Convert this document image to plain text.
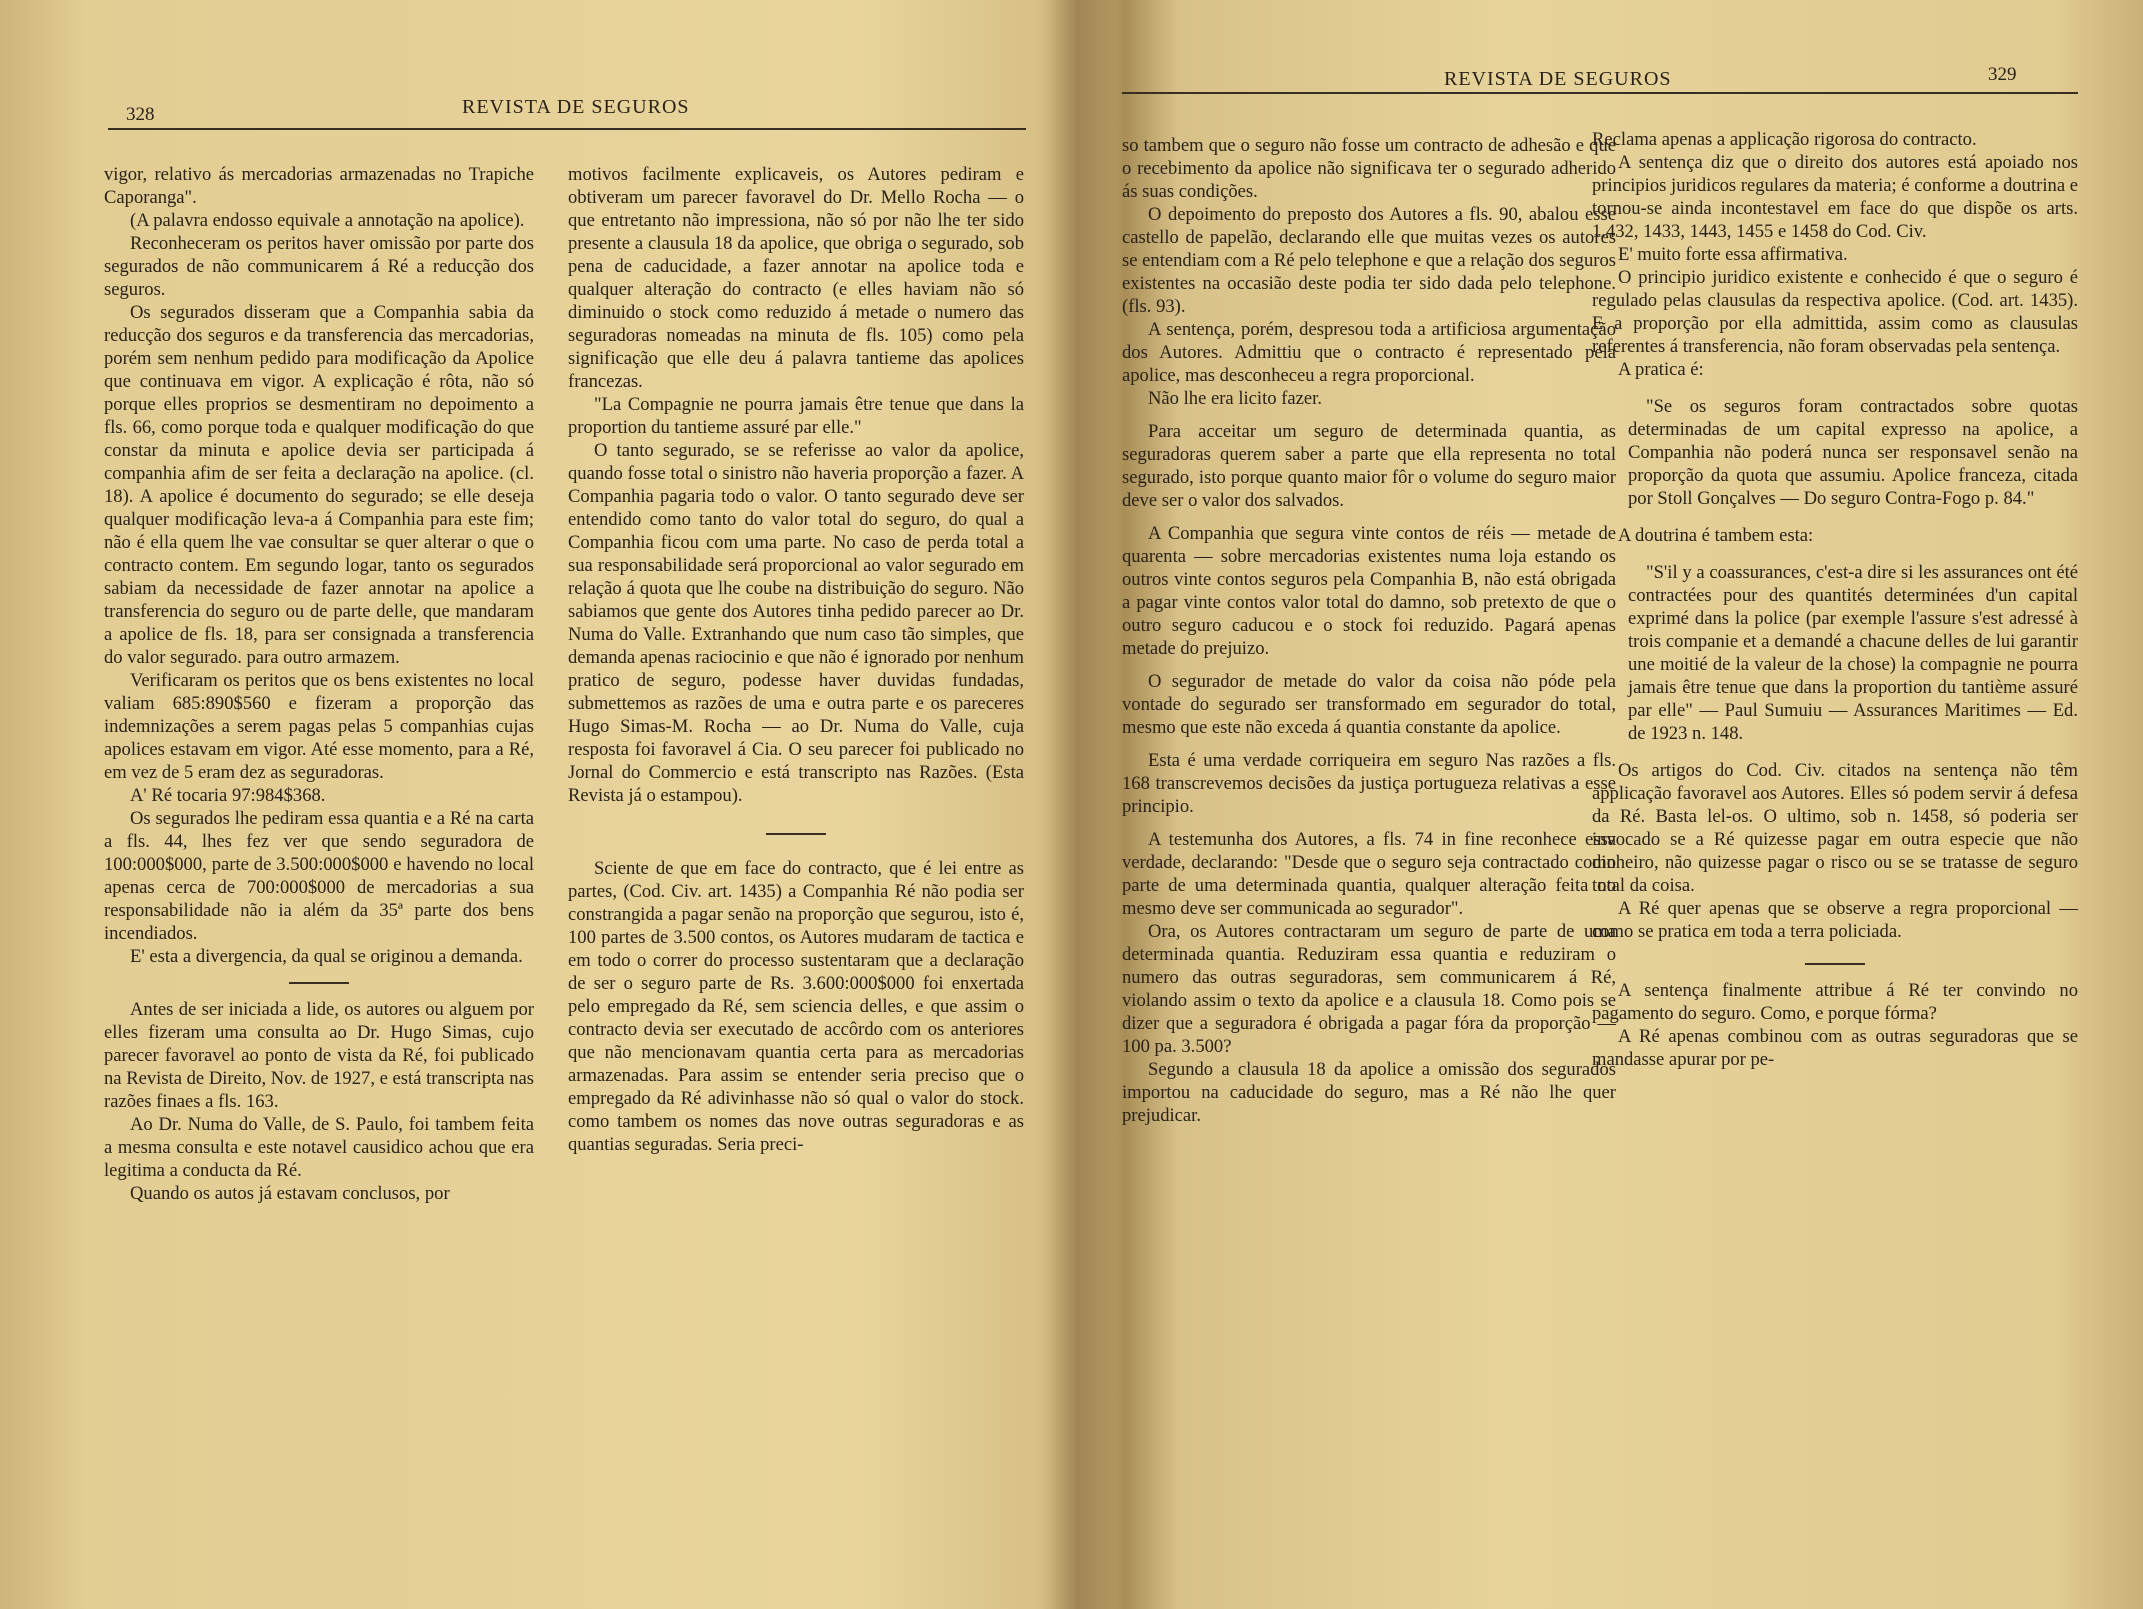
328	REVISTA DE SEGUROS

vigor, relativo ás mercadorias armazenadas no Trapiche Caporanga".

(A palavra endosso equivale a annotação na apolice).

Reconheceram os peritos haver omissão por parte dos segurados de não communicarem á Ré a reducção dos seguros.

Os segurados disseram que a Companhia sabia da reducção dos seguros e da transferencia das mercadorias, porém sem nenhum pedido para modificação da Apolice que continuava em vigor. A explicação é rôta, não só porque elles proprios se desmentiram no depoimento a fls. 66, como porque toda e qualquer modificação do que constar da minuta e apolice devia ser participada á companhia afim de ser feita a declaração na apolice. (cl. 18). A apolice é documento do segurado; se elle deseja qualquer modificação leva-a á Companhia para este fim; não é ella quem lhe vae consultar se quer alterar o que o contracto contem. Em segundo logar, tanto os segurados sabiam da necessidade de fazer annotar na apolice a transferencia do seguro ou de parte delle, que mandaram a apolice de fls. 18, para ser consignada a transferencia do valor segurado. para outro armazem.

Verificaram os peritos que os bens existentes no local valiam 685:890$560 e fizeram a proporção das indemnizações a serem pagas pelas 5 companhias cujas apolices estavam em vigor. Até esse momento, para a Ré, em vez de 5 eram dez as seguradoras.

A' Ré tocaria 97:984$368.

Os segurados lhe pediram essa quantia e a Ré na carta a fls. 44, lhes fez ver que sendo seguradora de 100:000$000, parte de 3.500:000$000 e havendo no local apenas cerca de 700:000$000 de mercadorias a sua responsabilidade não ia além da 35ª parte dos bens incendiados.

E' esta a divergencia, da qual se originou a demanda.

Antes de ser iniciada a lide, os autores ou alguem por elles fizeram uma consulta ao Dr. Hugo Simas, cujo parecer favoravel ao ponto de vista da Ré, foi publicado na Revista de Direito, Nov. de 1927, e está transcripta nas razões finaes a fls. 163.

Ao Dr. Numa do Valle, de S. Paulo, foi tambem feita a mesma consulta e este notavel causidico achou que era legitima a conducta da Ré.

Quando os autos já estavam conclusos, por

motivos facilmente explicaveis, os Autores pediram e obtiveram um parecer favoravel do Dr. Mello Rocha — o que entretanto não impressiona, não só por não lhe ter sido presente a clausula 18 da apolice, que obriga o segurado, sob pena de caducidade, a fazer annotar na apolice toda e qualquer alteração do contracto (e elles haviam não só diminuido o stock como reduzido á metade o numero das seguradoras nomeadas na minuta de fls. 105) como pela significação que elle deu á palavra tantieme das apolices francezas.

"La Compagnie ne pourra jamais être tenue que dans la proportion du tantieme assuré par elle."

O tanto segurado, se se referisse ao valor da apolice, quando fosse total o sinistro não haveria proporção a fazer. A Companhia pagaria todo o valor. O tanto segurado deve ser entendido como tanto do valor total do seguro, do qual a Companhia ficou com uma parte. No caso de perda total a sua responsabilidade será proporcional ao valor segurado em relação á quota que lhe coube na distribuição do seguro. Não sabiamos que gente dos Autores tinha pedido parecer ao Dr. Numa do Valle. Extranhando que num caso tão simples, que demanda apenas raciocinio e que não é ignorado por nenhum pratico de seguro, podesse haver duvidas fundadas, submettemos as razões de uma e outra parte e os pareceres Hugo Simas-M. Rocha — ao Dr. Numa do Valle, cuja resposta foi favoravel á Cia. O seu parecer foi publicado no Jornal do Commercio e está transcripto nas Razões. (Esta Revista já o estampou).

Sciente de que em face do contracto, que é lei entre as partes, (Cod. Civ. art. 1435) a Companhia Ré não podia ser constrangida a pagar senão na proporção que segurou, isto é, 100 partes de 3.500 contos, os Autores mudaram de tactica e em todo o correr do processo sustentaram que a declaração de ser o seguro parte de Rs. 3.600:000$000 foi enxertada pelo empregado da Ré, sem sciencia delles, e que assim o contracto devia ser executado de accôrdo com os anteriores que não mencionavam quantia certa para as mercadorias armazenadas. Para assim se entender seria preciso que o empregado da Ré adivinhasse não só qual o valor do stock. como tambem os nomes das nove outras seguradoras e as quantias seguradas. Seria preci-

REVISTA DE SEGUROS	329

so tambem que o seguro não fosse um contracto de adhesão e que o recebimento da apolice não significava ter o segurado adherido ás suas condições.

O depoimento do preposto dos Autores a fls. 90, abalou esse castello de papelão, declarando elle que muitas vezes os autores se entendiam com a Ré pelo telephone e que a relação dos seguros existentes na occasião deste podia ter sido dada pelo telephone. (fls. 93).

A sentença, porém, despresou toda a artificiosa argumentação dos Autores. Admittiu que o contracto é representado pela apolice, mas desconheceu a regra proporcional.

Não lhe era licito fazer.

Para acceitar um seguro de determinada quantia, as seguradoras querem saber a parte que ella representa no total segurado, isto porque quanto maior fôr o volume do seguro maior deve ser o valor dos salvados.

A Companhia que segura vinte contos de réis — metade de quarenta — sobre mercadorias existentes numa loja estando os outros vinte contos seguros pela Companhia B, não está obrigada a pagar vinte contos valor total do damno, sob pretexto de que o outro seguro caducou e o stock foi reduzido. Pagará apenas metade do prejuizo.

O segurador de metade do valor da coisa não póde pela vontade do segurado ser transformado em segurador do total, mesmo que este não exceda á quantia constante da apolice.

Esta é uma verdade corriqueira em seguro Nas razões a fls. 168 transcrevemos decisões da justiça portugueza relativas a esse principio.

A testemunha dos Autores, a fls. 74 in fine reconhece essa verdade, declarando: "Desde que o seguro seja contractado como parte de uma determinada quantia, qualquer alteração feita no mesmo deve ser communicada ao segurador".

Ora, os Autores contractaram um seguro de parte de uma determinada quantia. Reduziram essa quantia e reduziram o numero das outras seguradoras, sem communicarem á Ré, violando assim o texto da apolice e a clausula 18. Como pois se dizer que a seguradora é obrigada a pagar fóra da proporção — 100 pa. 3.500?

Segundo a clausula 18 da apolice a omissão dos segurados importou na caducidade do seguro, mas a Ré não lhe quer prejudicar.

Reclama apenas a applicação rigorosa do contracto.

A sentença diz que o direito dos autores está apoiado nos principios juridicos regulares da materia; é conforme a doutrina e tornou-se ainda incontestavel em face do que dispõe os arts. 1.432, 1433, 1443, 1455 e 1458 do Cod. Civ.

E' muito forte essa affirmativa.

O principio juridico existente e conhecido é que o seguro é regulado pelas clausulas da respectiva apolice. (Cod. art. 1435). E a proporção por ella admittida, assim como as clausulas referentes á transferencia, não foram observadas pela sentença.

A pratica é:

"Se os seguros foram contractados sobre quotas determinadas de um capital expresso na apolice, a Companhia não poderá nunca ser responsavel senão na proporção da quota que assumiu. Apolice franceza, citada por Stoll Gonçalves — Do seguro Contra-Fogo p. 84."

A doutrina é tambem esta:

"S'il y a coassurances, c'est-a dire si les assurances ont été contractées pour des quantités determinées d'un capital exprimé dans la police (par exemple l'assure s'est adressé à trois companie et a demandé a chacune delles de lui garantir une moitié de la valeur de la chose) la compagnie ne pourra jamais être tenue que dans la proportion du tantième assuré par elle" — Paul Sumuiu — Assurances Maritimes — Ed. de 1923 n. 148.

Os artigos do Cod. Civ. citados na sentença não têm applicação favoravel aos Autores. Elles só podem servir á defesa da Ré. Basta lel-os. O ultimo, sob n. 1458, só poderia ser invocado se a Ré quizesse pagar em outra especie que não dinheiro, não quizesse pagar o risco ou se se tratasse de seguro total da coisa.

A Ré quer apenas que se observe a regra proporcional — como se pratica em toda a terra policiada.

A sentença finalmente attribue á Ré ter convindo no pagamento do seguro. Como, e porque fórma?

A Ré apenas combinou com as outras seguradoras que se mandasse apurar por pe-
